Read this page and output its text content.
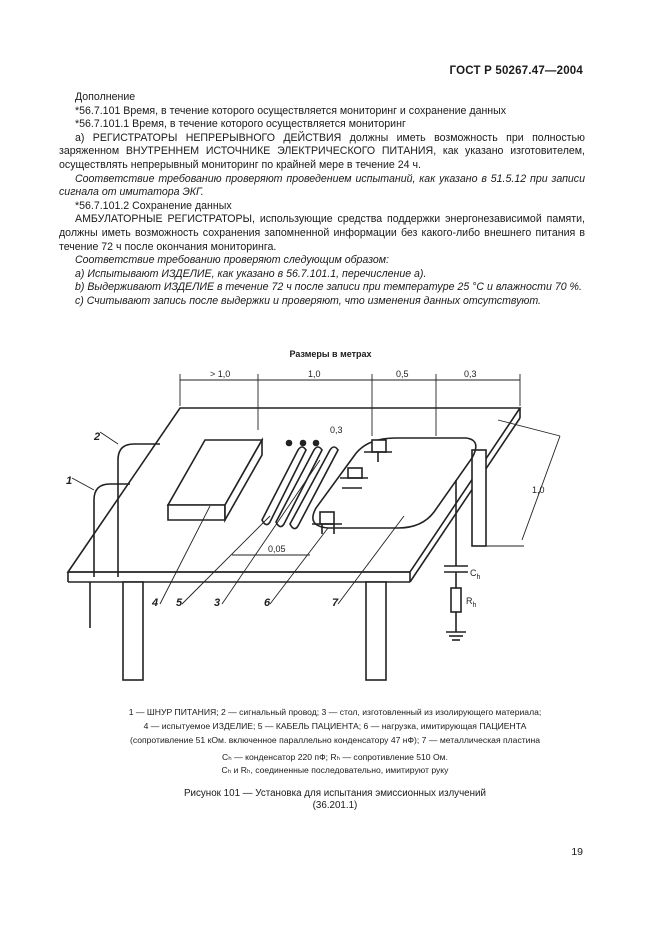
ГОСТ Р 50267.47—2004

Дополнение

*56.7.101 Время, в течение которого осуществляется мониторинг и сохранение данных

*56.7.101.1 Время, в течение которого осуществляется мониторинг

а) РЕГИСТРАТОРЫ НЕПРЕРЫВНОГО ДЕЙСТВИЯ должны иметь возможность при полностью заряженном ВНУТРЕННЕМ ИСТОЧНИКЕ ЭЛЕКТРИЧЕСКОГО ПИТАНИЯ, как указано изготовителем, осуществлять непрерывный мониторинг по крайней мере в течение 24 ч.

Соответствие требованию проверяют проведением испытаний, как указано в 51.5.12 при записи сигнала от имитатора ЭКГ.

*56.7.101.2 Сохранение данных

АМБУЛАТОРНЫЕ РЕГИСТРАТОРЫ, использующие средства поддержки энергонезависимой памяти, должны иметь возможность сохранения запомненной информации без какого-либо внешнего питания в течение 72 ч после окончания мониторинга.

Соответствие требованию проверяют следующим образом:

а) Испытывают ИЗДЕЛИЕ, как указано в 56.7.101.1, перечисление а).

b) Выдерживают ИЗДЕЛИЕ в течение 72 ч после записи при температуре 25 °С и влажности 70 %.

с) Считывают запись после выдержки и проверяют, что изменения данных отсутствуют.

Размеры в метрах
> 1,0	1,0	0,5	0,3
0,3
1,0
0,05
2
1
4 5	3	6	7
$C_h$
$R_h$
1 — ШНУР ПИТАНИЯ; 2 — сигнальный провод; 3 — стол, изготовленный из изолирующего материала;
4 — испытуемое ИЗДЕЛИЕ; 5 — КАБЕЛЬ ПАЦИЕНТА; 6 — нагрузка, имитирующая ПАЦИЕНТА
(сопротивление 51 кОм. включенное параллельно конденсатору 47 нФ); 7 — металлическая пластина
Cₕ — конденсатор 220 пФ; Rₕ — сопротивление 510 Ом.
Cₕ и Rₕ, соединенные последовательно, имитируют руку
Рисунок 101 — Установка для испытания эмиссионных излучений
(36.201.1)
19
